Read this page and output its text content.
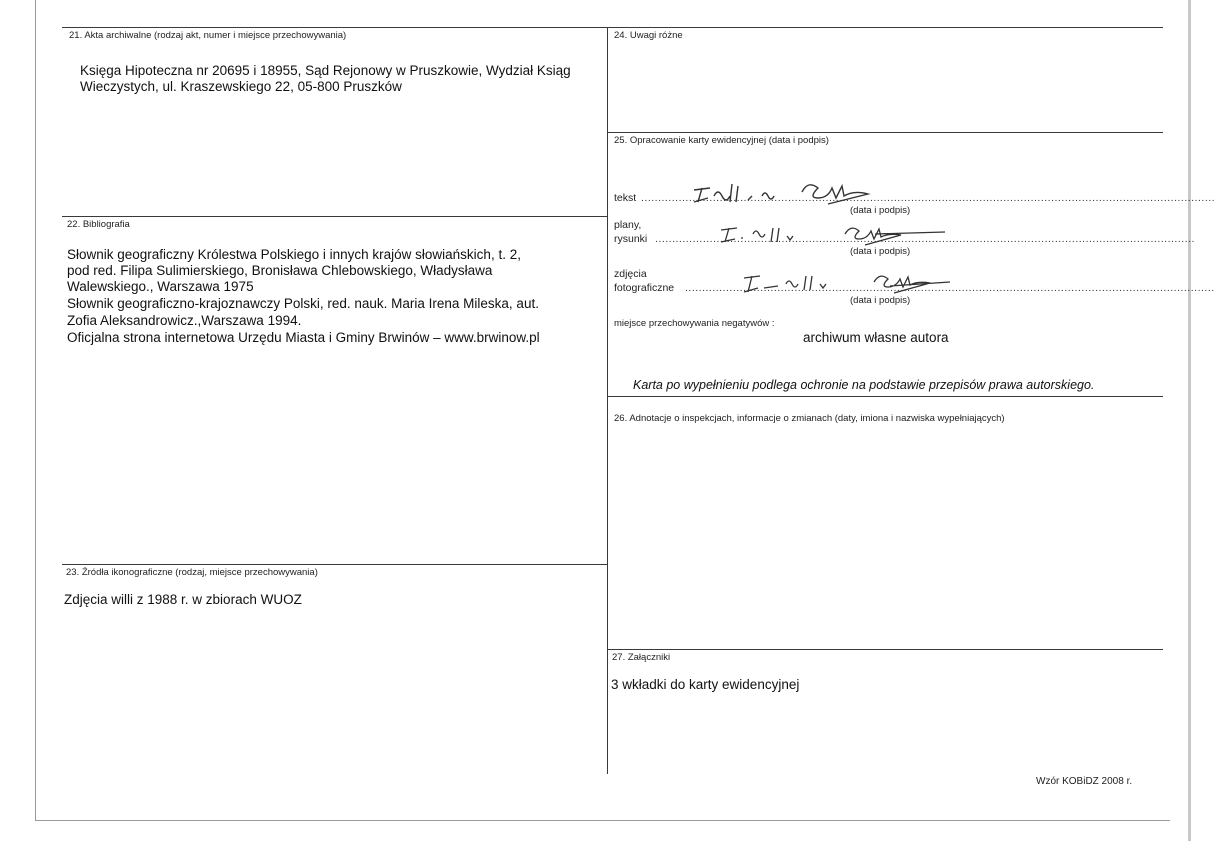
21. Akta archiwalne (rodzaj akt, numer i miejsce przechowywania)
Księga Hipoteczna nr 20695 i 18955, Sąd Rejonowy w Pruszkowie, Wydział Ksiąg
Wieczystych, ul. Kraszewskiego 22, 05-800 Pruszków
22. Bibliografia
Słownik geograficzny Królestwa Polskiego i innych krajów słowiańskich, t. 2,
pod red. Filipa Sulimierskiego, Bronisława Chlebowskiego, Władysława
Walewskiego., Warszawa 1975
Słownik geograficzno-krajoznawczy Polski, red. nauk. Maria Irena Mileska, aut.
Zofia Aleksandrowicz.,Warszawa 1994.
Oficjalna strona internetowa Urzędu Miasta i Gminy Brwinów – www.brwinow.pl
23. Źródła ikonograficzne (rodzaj, miejsce przechowywania)
Zdjęcia willi z 1988 r. w zbiorach WUOZ
24. Uwagi różne
25. Opracowanie karty ewidencyjnej (data i podpis)
tekst ........................................................................................................................................................................
(data i podpis)
plany,
rysunki ..............................................................................................................................................................
(data i podpis)
zdjęcia
fotograficzne ...........................................................................................................................................................
(data i podpis)
miejsce przechowywania negatywów :
archiwum własne autora
Karta po wypełnieniu podlega ochronie na podstawie przepisów prawa autorskiego.
26. Adnotacje o inspekcjach, informacje o zmianach (daty, imiona i nazwiska wypełniających)
27. Załączniki
3 wkładki do karty ewidencyjnej
Wzór KOBiDZ 2008 r.
